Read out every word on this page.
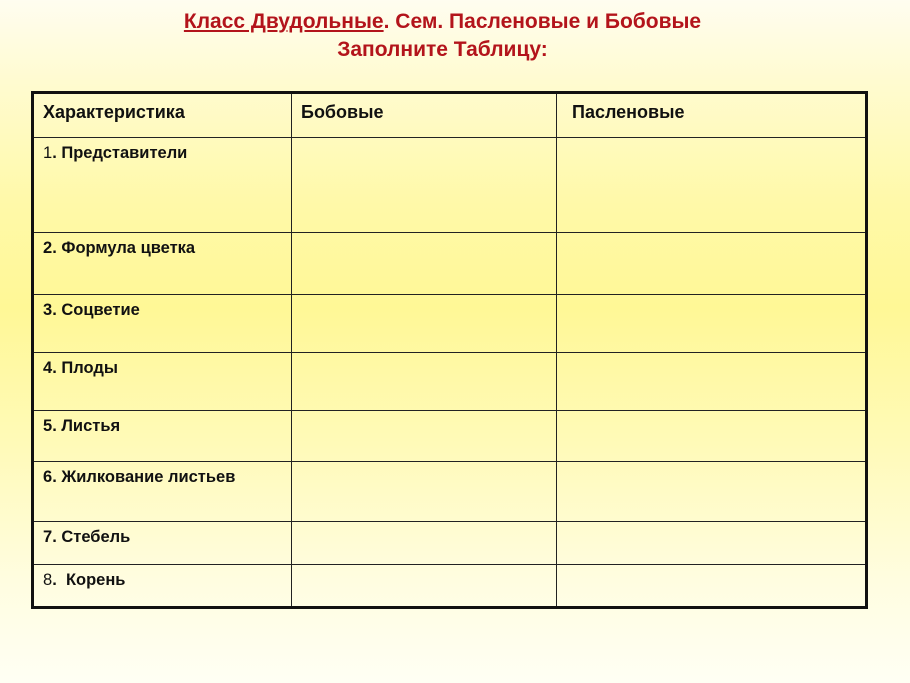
Класс Двудольные. Сем. Пасленовые и Бобовые
Заполните Таблицу:
Характеристика	Бобовые	Пасленовые
1. Представители		
2. Формула цветка		
3. Соцветие		
4. Плоды		
5. Листья		
6. Жилкование листьев		
7. Стебель		
8.  Корень		
